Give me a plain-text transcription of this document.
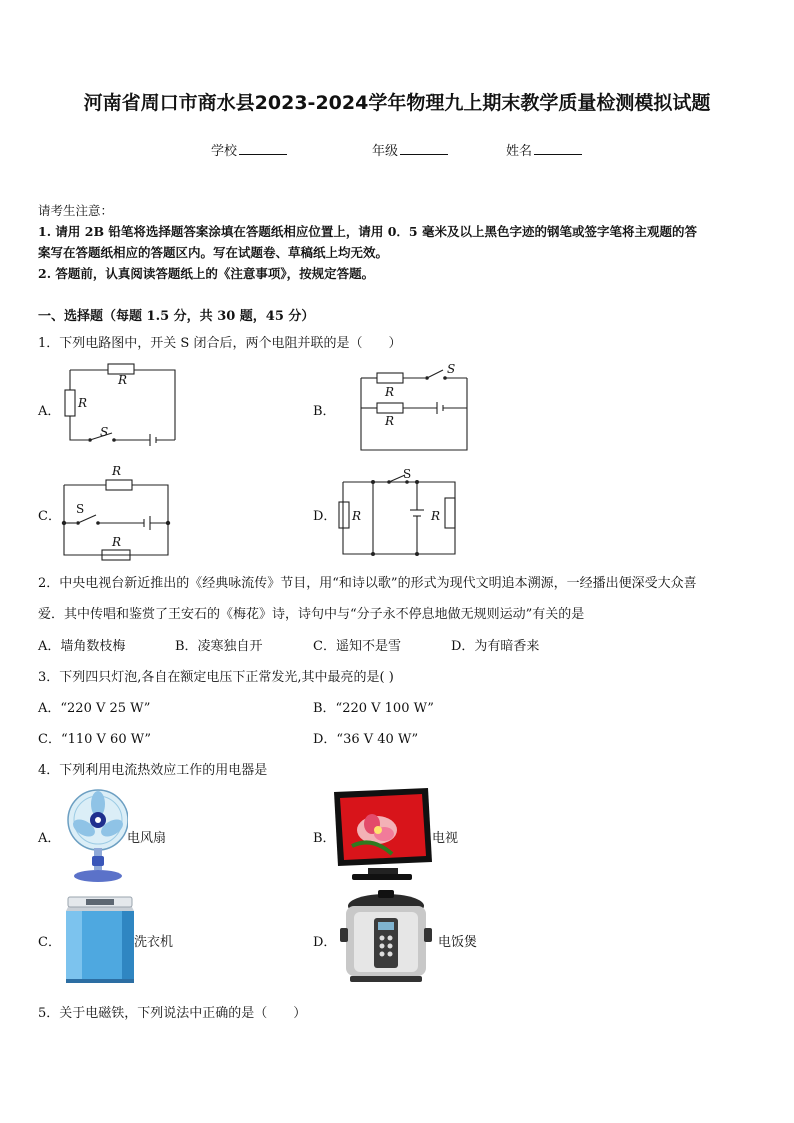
河南省周口市商水县2023-2024学年物理九上期末教学质量检测模拟试题
学校	年级	姓名
请考生注意：
1. 请用 2B 铅笔将选择题答案涂填在答题纸相应位置上，请用 0．5 毫米及以上黑色字迹的钢笔或签字笔将主观题的答
案写在答题纸相应的答题区内。写在试题卷、草稿纸上均无效。
2. 答题前，认真阅读答题纸上的《注意事项》，按规定答题。
一、选择题（每题 1.5 分，共 30 题，45 分）
1．下列电路图中，开关 S 闭合后，两个电阻并联的是（　　）
A．	B．
C．	D．
R
R
S
R
R
S
R
R
S	R	R
S
2．中央电视台新近推出的《经典咏流传》节目，用“和诗以歌”的形式为现代文明追本溯源，一经播出便深受大众喜
爱．其中传唱和鉴赏了王安石的《梅花》诗，诗句中与“分子永不停息地做无规则运动”有关的是
A．墙角数枝梅	B．凌寒独自开	C．遥知不是雪	D．为有暗香来
3．下列四只灯泡,各自在额定电压下正常发光,其中最亮的是( )
A．“220 V 25 W”	B．“220 V 100 W”
C．“110 V 60 W”	D．“36 V 40 W”
4．下列利用电流热效应工作的用电器是
A．	B．
C．	D．
电风扇	电视
洗衣机	电饭煲
5．关于电磁铁，下列说法中正确的是（　　）
